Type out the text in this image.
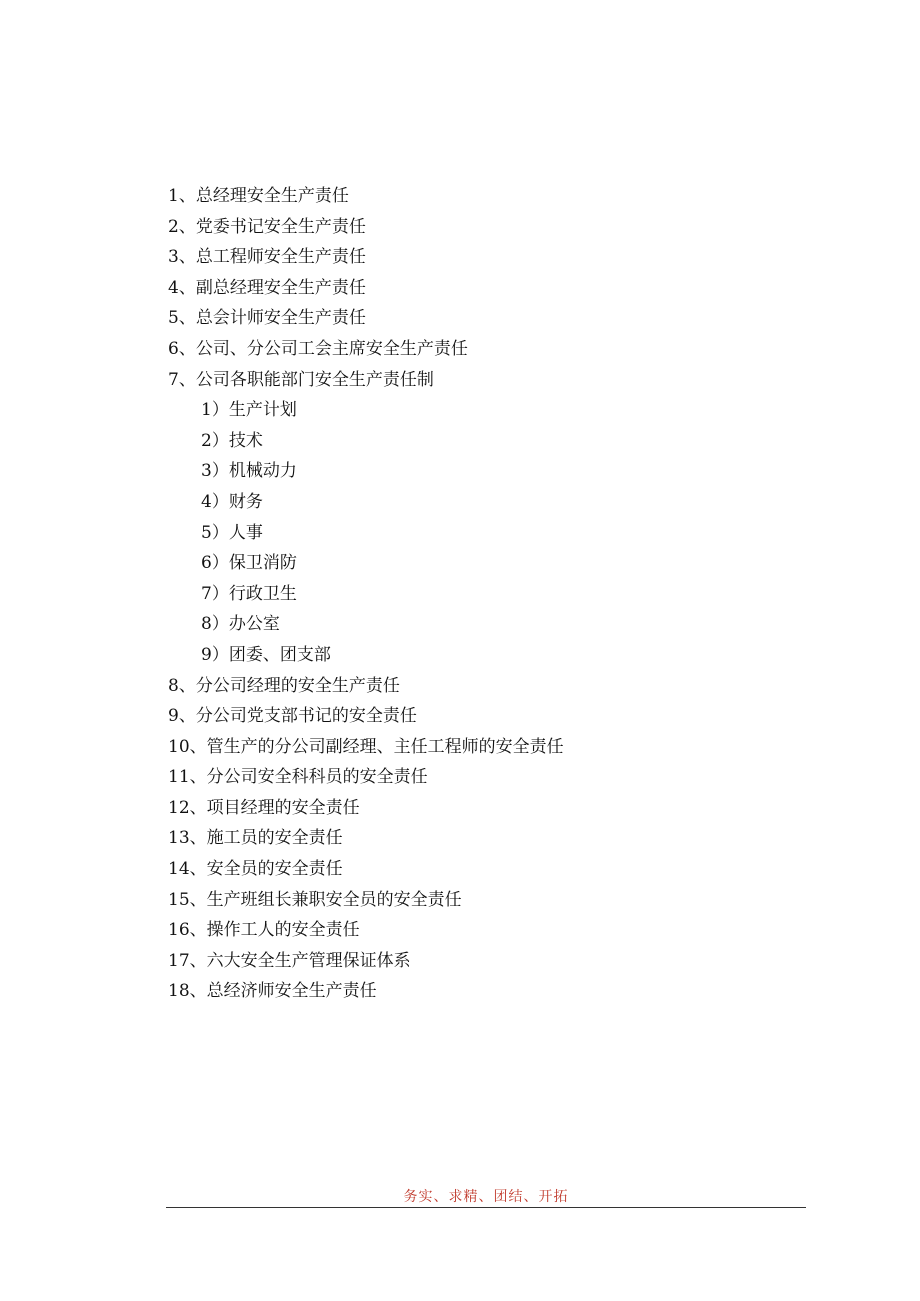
1、总经理安全生产责任
2、党委书记安全生产责任
3、总工程师安全生产责任
4、副总经理安全生产责任
5、总会计师安全生产责任
6、公司、分公司工会主席安全生产责任
7、公司各职能部门安全生产责任制
1）生产计划
2）技术
3）机械动力
4）财务
5）人事
6）保卫消防
7）行政卫生
8）办公室
9）团委、团支部
8、分公司经理的安全生产责任
9、分公司党支部书记的安全责任
10、管生产的分公司副经理、主任工程师的安全责任
11、分公司安全科科员的安全责任
12、项目经理的安全责任
13、施工员的安全责任
14、安全员的安全责任
15、生产班组长兼职安全员的安全责任
16、操作工人的安全责任
17、六大安全生产管理保证体系
18、总经济师安全生产责任
务实、求精、团结、开拓
